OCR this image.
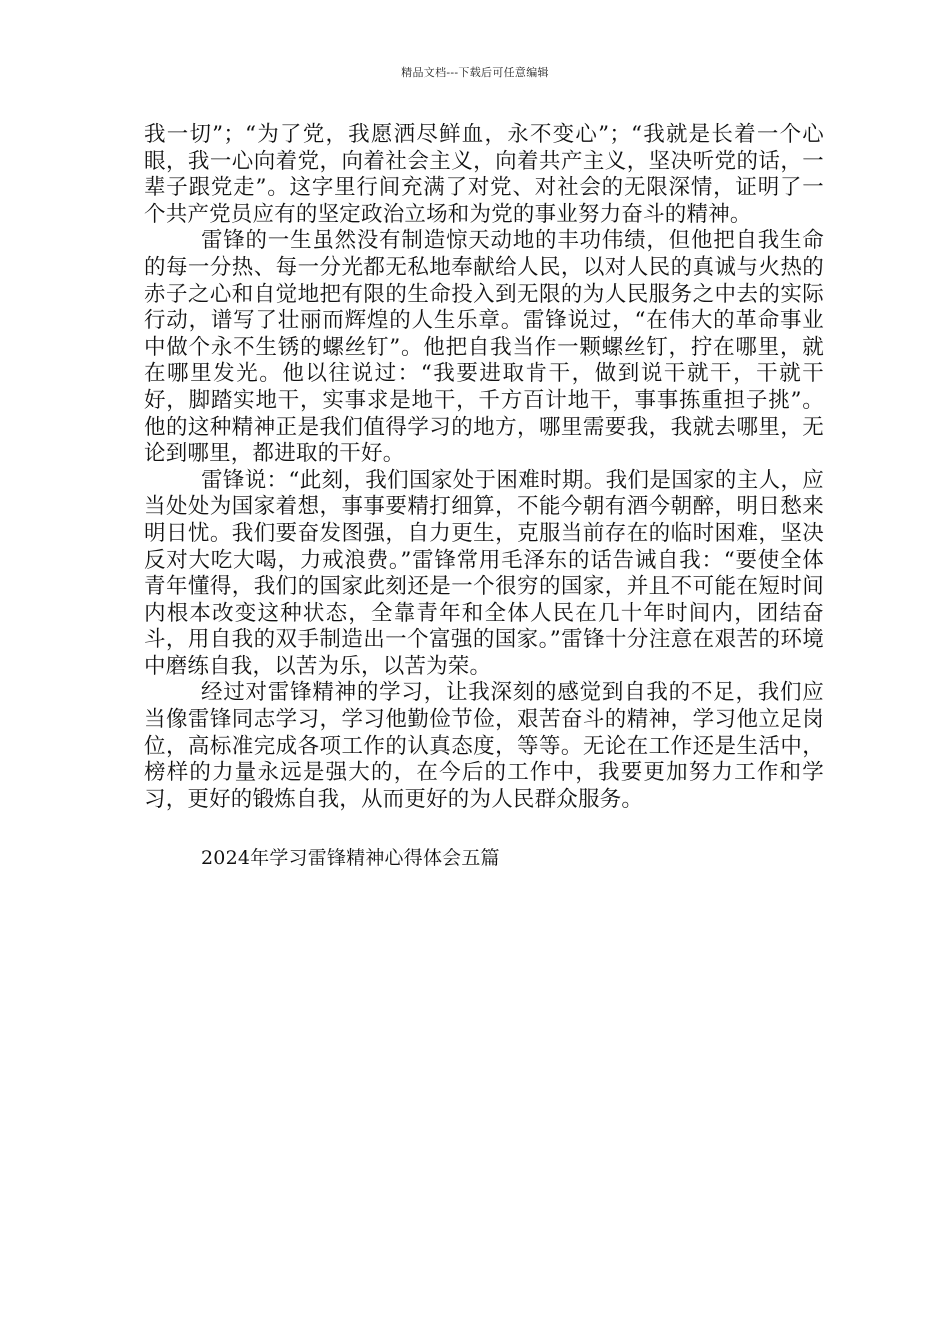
精品文档---下载后可任意编辑

我一切”；“为了党，我愿洒尽鲜血，永不变心”；“我就是长着一个心眼，我一心向着党，向着社会主义，向着共产主义，坚决听党的话，一辈子跟党走”。这字里行间充满了对党、对社会的无限深情，证明了一个共产党员应有的坚定政治立场和为党的事业努力奋斗的精神。

雷锋的一生虽然没有制造惊天动地的丰功伟绩，但他把自我生命的每一分热、每一分光都无私地奉献给人民，以对人民的真诚与火热的赤子之心和自觉地把有限的生命投入到无限的为人民服务之中去的实际行动，谱写了壮丽而辉煌的人生乐章。雷锋说过，“在伟大的革命事业中做个永不生锈的螺丝钉”。他把自我当作一颗螺丝钉，拧在哪里，就在哪里发光。他以往说过：“我要进取肯干，做到说干就干，干就干好，脚踏实地干，实事求是地干，千方百计地干，事事拣重担子挑”。他的这种精神正是我们值得学习的地方，哪里需要我，我就去哪里，无论到哪里，都进取的干好。

雷锋说：“此刻，我们国家处于困难时期。我们是国家的主人，应当处处为国家着想，事事要精打细算，不能今朝有酒今朝醉，明日愁来明日忧。我们要奋发图强，自力更生，克服当前存在的临时困难，坚决反对大吃大喝，力戒浪费。”雷锋常用毛泽东的话告诫自我：“要使全体青年懂得，我们的国家此刻还是一个很穷的国家，并且不可能在短时间内根本改变这种状态，全靠青年和全体人民在几十年时间内，团结奋斗，用自我的双手制造出一个富强的国家。”雷锋十分注意在艰苦的环境中磨练自我，以苦为乐，以苦为荣。

经过对雷锋精神的学习，让我深刻的感觉到自我的不足，我们应当像雷锋同志学习，学习他勤俭节俭，艰苦奋斗的精神，学习他立足岗位，高标准完成各项工作的认真态度，等等。无论在工作还是生活中，榜样的力量永远是强大的，在今后的工作中，我要更加努力工作和学习，更好的锻炼自我，从而更好的为人民群众服务。

2024年学习雷锋精神心得体会五篇
